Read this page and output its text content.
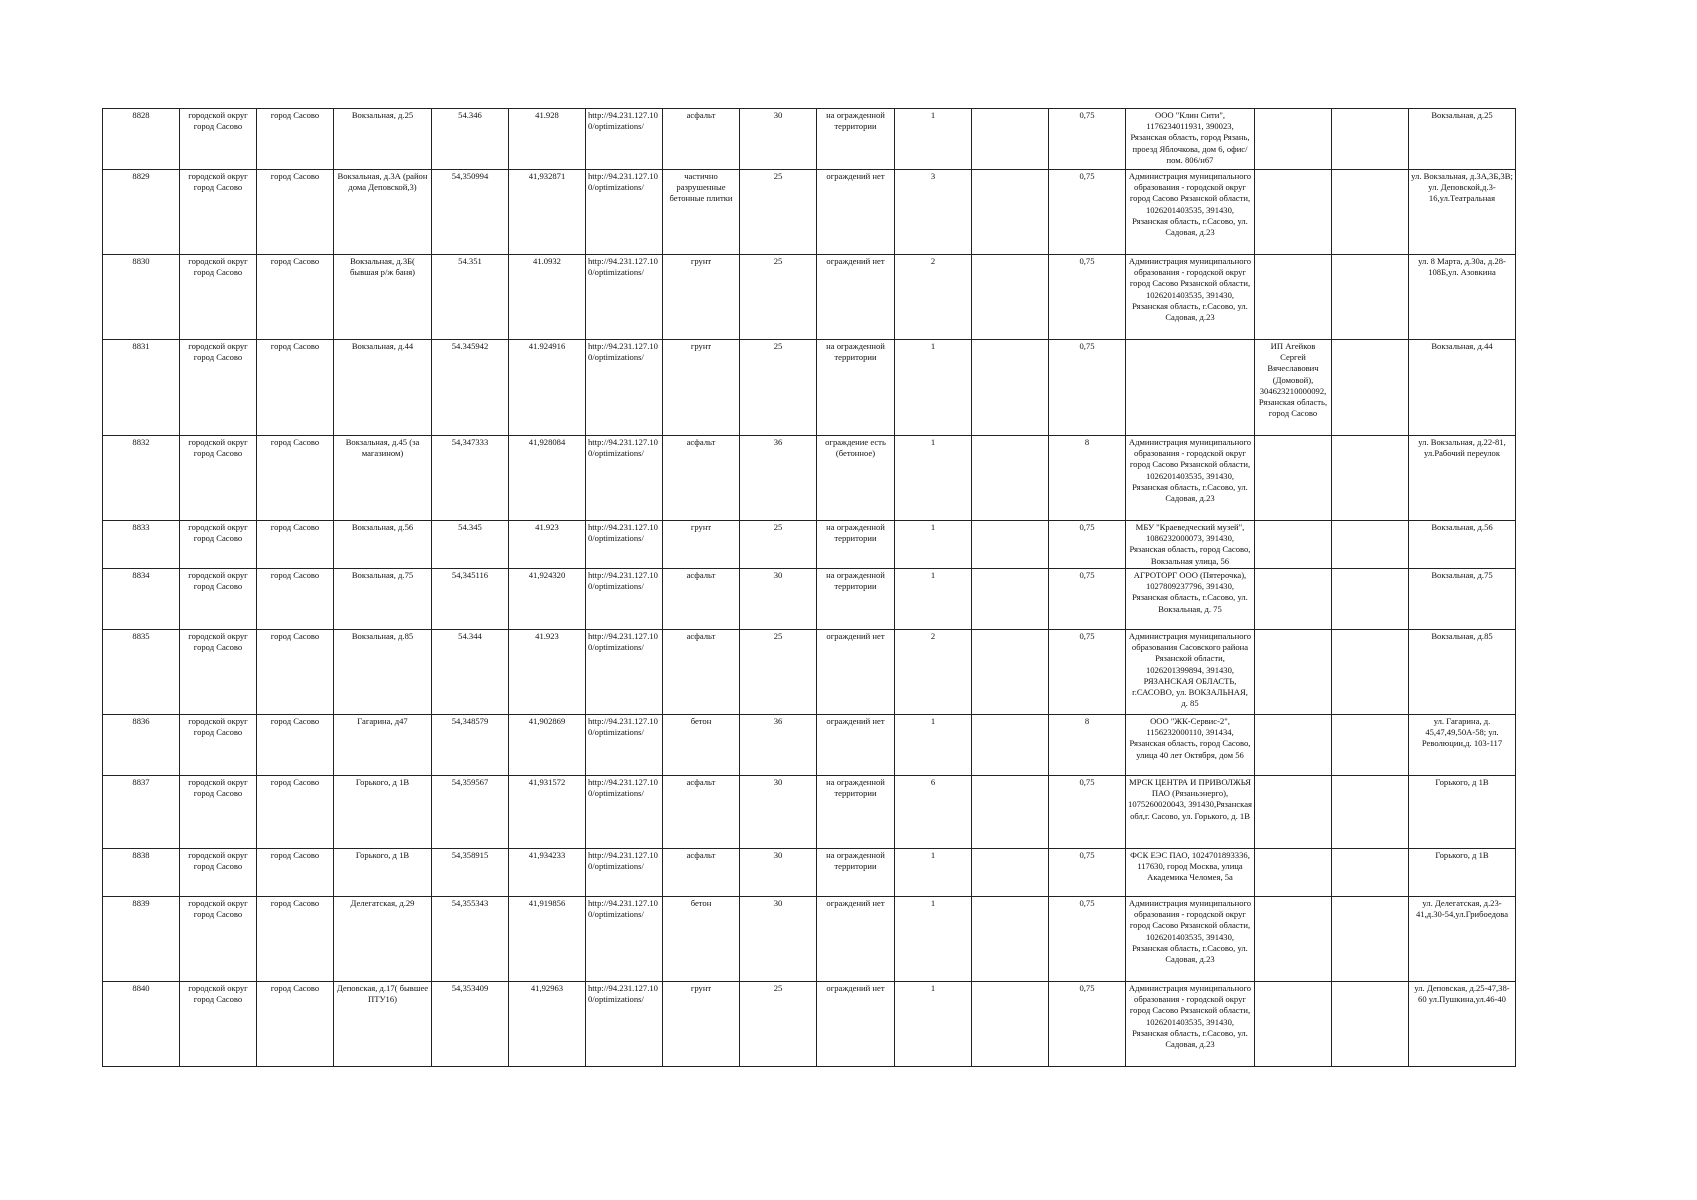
8828	городской округ город Сасово	город Сасово	Вокзальная, д.25	54.346	41.928	http://94.231.127.10 0/optimizations/	асфальт	30	на огражденной территории	1		0,75	ООО "Клин Сити", 1176234011931, 390023, Рязанская область, город Рязань, проезд Яблочкова, дом 6, офис/пом. 806/н67			Вокзальная, д.25
8829	городской округ город Сасово	город Сасово	Вокзальная, д.3А (район дома Деповской,3)	54,350994	41,932871	http://94.231.127.10 0/optimizations/	частично разрушенные бетонные плитки	25	ограждений нет	3		0,75	Администрация муниципального образования - городской округ город Сасово Рязанской области, 1026201403535, 391430, Рязанская область, г.Сасово, ул. Садовая, д.23			ул. Вокзальная, д.3А,3Б,3В; ул. Деповской,д.3-16,ул.Театральная
8830	городской округ город Сасово	город Сасово	Вокзальная, д.3Б( бывшая р/ж баня)	54.351	41.0932	http://94.231.127.10 0/optimizations/	грунт	25	ограждений нет	2		0,75	Администрация муниципального образования - городской округ город Сасово Рязанской области, 1026201403535, 391430, Рязанская область, г.Сасово, ул. Садовая, д.23			ул. 8 Марта, д.30а, д.28-108Б,ул. Азовкина
8831	городской округ город Сасово	город Сасово	Вокзальная, д.44	54.345942	41.924916	http://94.231.127.10 0/optimizations/	грунт	25	на огражденной территории	1		0,75		ИП Агейков Сергей Вячеславович (Домовой), 304623210000092, Рязанская область, город Сасово		Вокзальная, д.44
8832	городской округ город Сасово	город Сасово	Вокзальная, д.45 (за магазином)	54,347333	41,928084	http://94.231.127.10 0/optimizations/	асфальт	36	ограждение есть (бетонное)	1		8	Администрация муниципального образования - городской округ город Сасово Рязанской области, 1026201403535, 391430, Рязанская область, г.Сасово, ул. Садовая, д.23			ул. Вокзальная, д.22-81, ул.Рабочий переулок
8833	городской округ город Сасово	город Сасово	Вокзальная, д.56	54.345	41.923	http://94.231.127.10 0/optimizations/	грунт	25	на огражденной территории	1		0,75	МБУ "Краеведческий музей", 1086232000073, 391430, Рязанская область, город Сасово, Вокзальная улица, 56			Вокзальная, д.56
8834	городской округ город Сасово	город Сасово	Вокзальная, д.75	54,345116	41,924320	http://94.231.127.10 0/optimizations/	асфальт	30	на огражденной территории	1		0,75	АГРОТОРГ ООО (Пятерочка), 1027809237796, 391430, Рязанская область, г.Сасово, ул. Вокзальная, д. 75			Вокзальная, д.75
8835	городской округ город Сасово	город Сасово	Вокзальная, д.85	54.344	41.923	http://94.231.127.10 0/optimizations/	асфальт	25	ограждений нет	2		0,75	Администрация муниципального образования Сасовского района Рязанской области, 1026201399894, 391430, РЯЗАНСКАЯ ОБЛАСТЬ, г.САСОВО, ул. ВОКЗАЛЬНАЯ, д. 85			Вокзальная, д.85
8836	городской округ город Сасово	город Сасово	Гагарина, д47	54,348579	41,902869	http://94.231.127.10 0/optimizations/	бетон	36	ограждений нет	1		8	ООО "ЖК-Сервис-2", 1156232000110, 391434, Рязанская область, город Сасово, улица 40 лет Октября, дом 56			ул. Гагарина, д. 45,47,49,50А-58; ул. Революции,д. 103-117
8837	городской округ город Сасово	город Сасово	Горького, д 1В	54,359567	41,931572	http://94.231.127.10 0/optimizations/	асфальт	30	на огражденной территории	6		0,75	МРСК ЦЕНТРА И ПРИВОЛЖЬЯ ПАО (Рязаньэнерго), 1075260020043, 391430,Рязанская обл,г. Сасово, ул. Горького, д. 1В			Горького, д 1В
8838	городской округ город Сасово	город Сасово	Горького, д 1В	54,358915	41,934233	http://94.231.127.10 0/optimizations/	асфальт	30	на огражденной территории	1		0,75	ФСК ЕЭС ПАО, 1024701893336, 117630, город Москва, улица Академика Челомея, 5а			Горького, д 1В
8839	городской округ город Сасово	город Сасово	Делегатская, д.29	54,355343	41,919856	http://94.231.127.10 0/optimizations/	бетон	30	ограждений нет	1		0,75	Администрация муниципального образования - городской округ город Сасово Рязанской области, 1026201403535, 391430, Рязанская область, г.Сасово, ул. Садовая, д.23			ул. Делегатская, д.23-41,д.30-54,ул.Грибоедова
8840	городской округ город Сасово	город Сасово	Деповская, д.17( бывшее ПТУ16)	54,353409	41,92963	http://94.231.127.10 0/optimizations/	грунт	25	ограждений нет	1		0,75	Администрация муниципального образования - городской округ город Сасово Рязанской области, 1026201403535, 391430, Рязанская область, г.Сасово, ул. Садовая, д.23			ул. Деповская, д.25-47,38-60 ул.Пушкина,ул.46-40
